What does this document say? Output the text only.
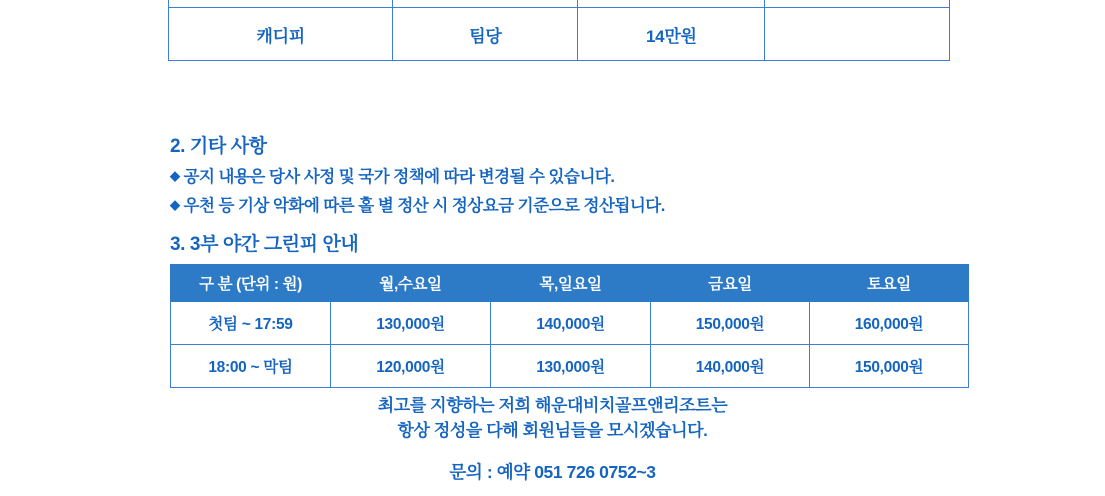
캐디피	팀당	14만원	
2. 기타 사항
◆ 공지 내용은 당사 사정 및 국가 정책에 따라 변경될 수 있습니다.
◆ 우천 등 기상 악화에 따른 홀 별 정산 시 정상요금 기준으로 정산됩니다.
3. 3부 야간 그린피 안내
구 분 (단위 : 원)	월,수요일	목,일요일	금요일	토요일
첫팀 ~ 17:59	130,000원	140,000원	150,000원	160,000원
18:00 ~ 막팀	120,000원	130,000원	140,000원	150,000원
최고를 지향하는 저희 해운대비치골프앤리조트는
항상 정성을 다해 회원님들을 모시겠습니다.
문의 : 예약 051 726 0752~3
